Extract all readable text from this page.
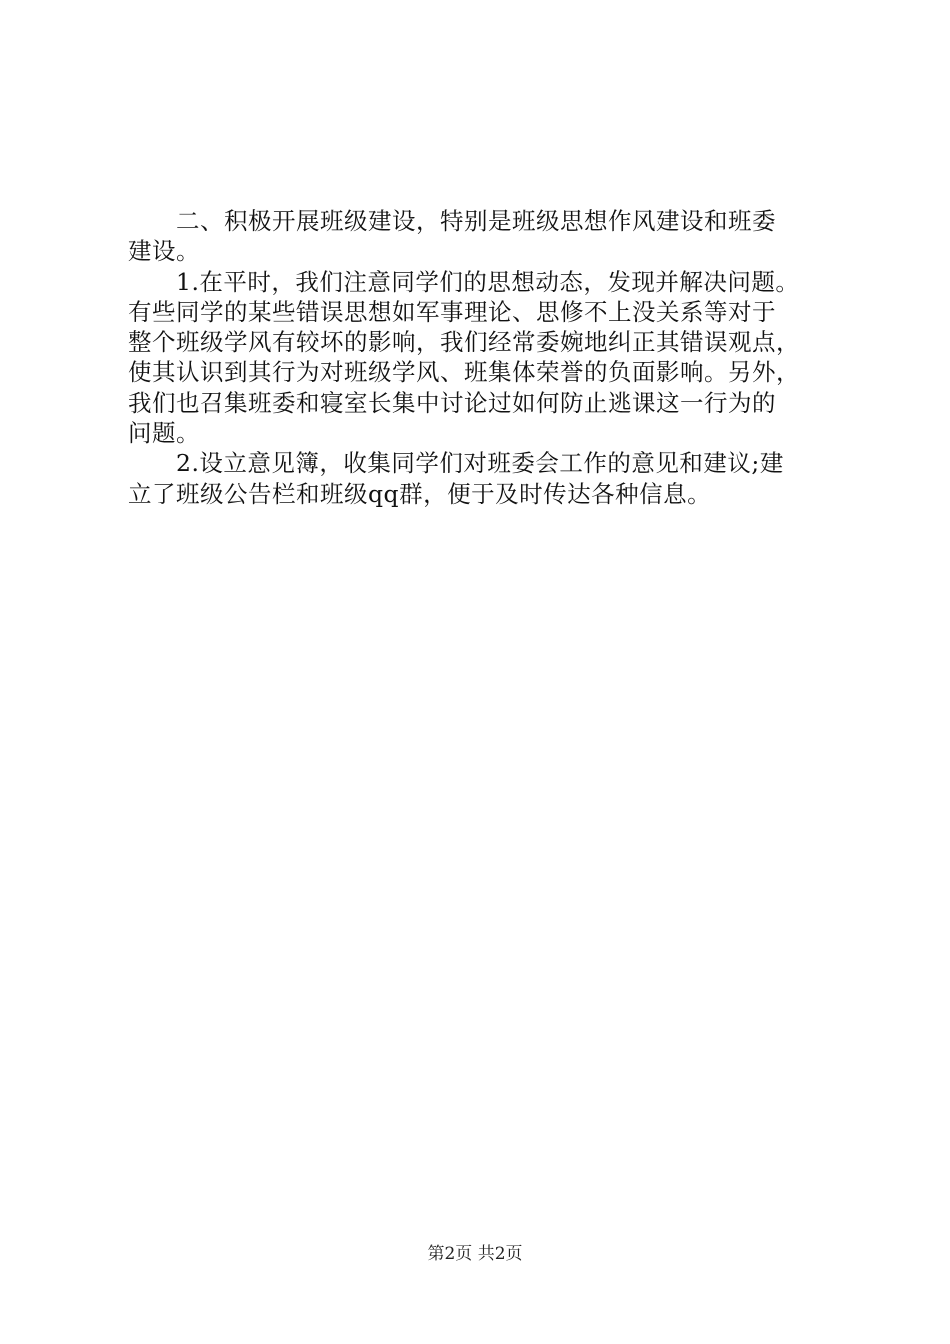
　　二、积极开展班级建设，特别是班级思想作风建设和班委
建设。
　　1.在平时，我们注意同学们的思想动态，发现并解决问题。
有些同学的某些错误思想如军事理论、思修不上没关系等对于
整个班级学风有较坏的影响，我们经常委婉地纠正其错误观点，
使其认识到其行为对班级学风、班集体荣誉的负面影响。另外，
我们也召集班委和寝室长集中讨论过如何防止逃课这一行为的
问题。
　　2.设立意见簿，收集同学们对班委会工作的意见和建议;建
立了班级公告栏和班级qq群，便于及时传达各种信息。
第2页 共2页
